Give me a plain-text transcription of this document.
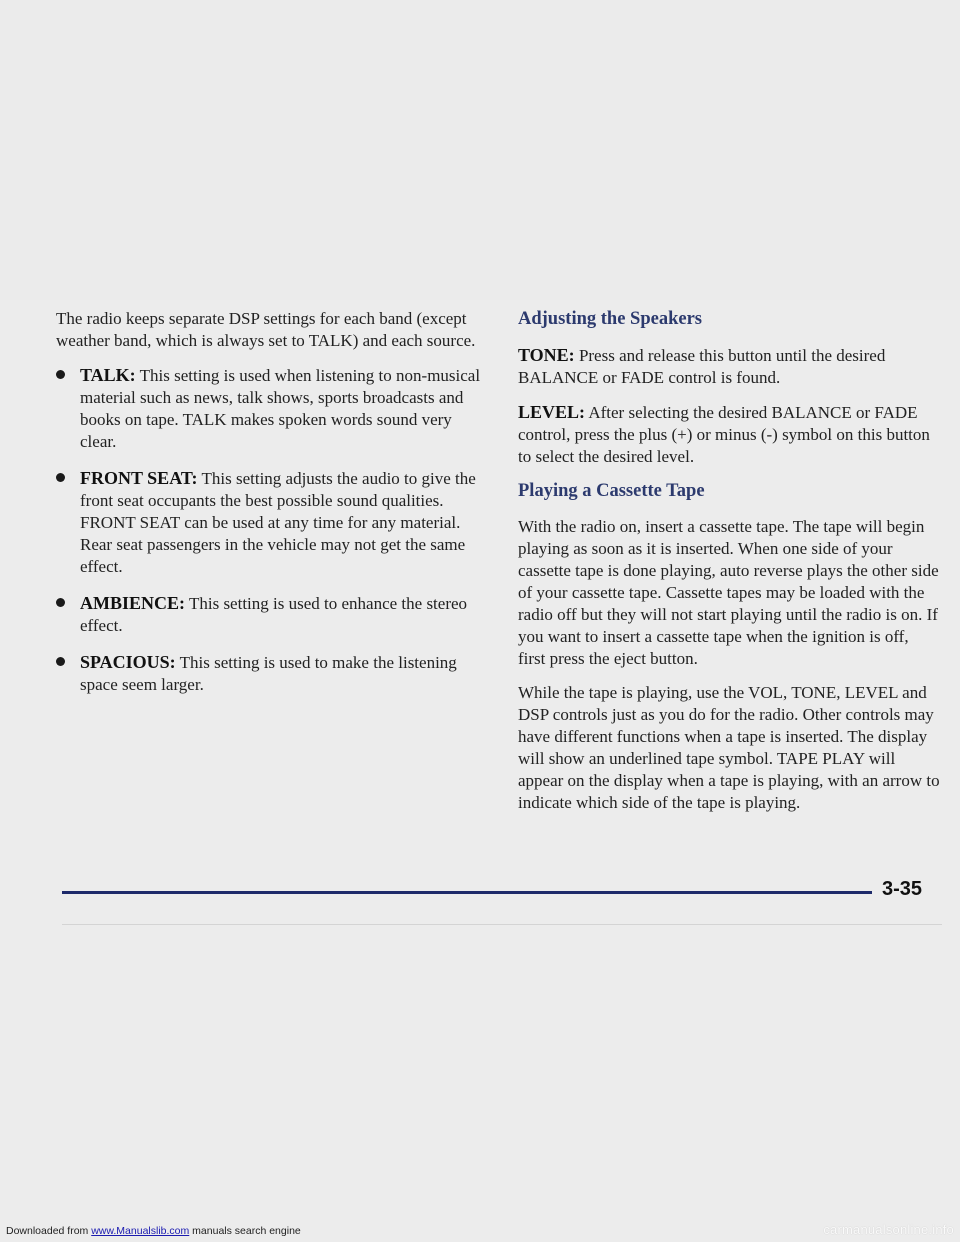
The radio keeps separate DSP settings for each band (except weather band, which is always set to TALK) and each source.

TALK: This setting is used when listening to non-musical material such as news, talk shows, sports broadcasts and books on tape. TALK makes spoken words sound very clear.
FRONT SEAT: This setting adjusts the audio to give the front seat occupants the best possible sound qualities. FRONT SEAT can be used at any time for any material. Rear seat passengers in the vehicle may not get the same effect.
AMBIENCE: This setting is used to enhance the stereo effect.
SPACIOUS: This setting is used to make the listening space seem larger.
Adjusting the Speakers

TONE: Press and release this button until the desired BALANCE or FADE control is found.

LEVEL: After selecting the desired BALANCE or FADE control, press the plus (+) or minus (-) symbol on this button to select the desired level.

Playing a Cassette Tape

With the radio on, insert a cassette tape. The tape will begin playing as soon as it is inserted. When one side of your cassette tape is done playing, auto reverse plays the other side of your cassette tape. Cassette tapes may be loaded with the radio off but they will not start playing until the radio is on. If you want to insert a cassette tape when the ignition is off, first press the eject button.

While the tape is playing, use the VOL, TONE, LEVEL and DSP controls just as you do for the radio. Other controls may have different functions when a tape is inserted. The display will show an underlined tape symbol. TAPE PLAY will appear on the display when a tape is playing, with an arrow to indicate which side of the tape is playing.

3-35
Downloaded from www.Manualslib.com manuals search engine	carmanualsonline.info
